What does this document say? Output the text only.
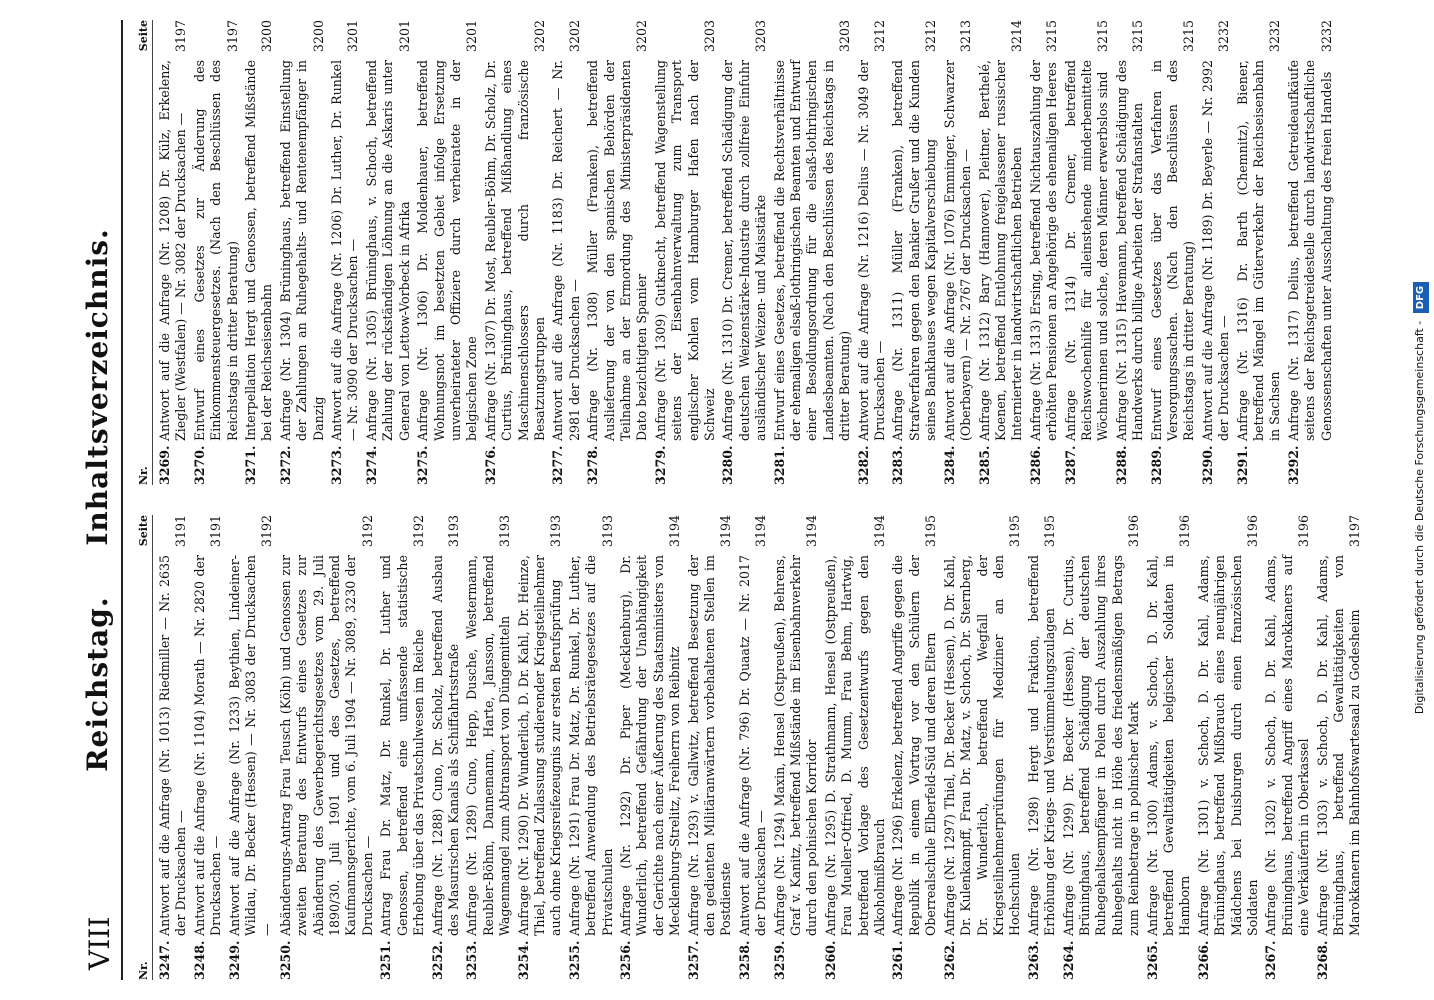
VIII
Reichstag. Inhaltsverzeichnis.
Nr.
Seite
3247.
Antwort auf die Anfrage (Nr. 1013) Riedmiller — Nr. 2635 der Drucksachen —
3191
3248.
Antwort auf die Anfrage (Nr. 1104) Morath — Nr. 2820 der Drucksachen —
3191
3249.
Antwort auf die Anfrage (Nr. 1233) Beythien, Lindeiner-Wildau, Dr. Becker (Hessen) — Nr. 3083 der Drucksachen —
3192
3250.
Abänderungs-Antrag Frau Teusch (Köln) und Genossen zur zweiten Beratung des Entwurfs eines Gesetzes zur Abänderung des Gewerbegerichtsgesetzes vom 29. Juli 1890/30. Juli 1901 und des Gesetzes, betreffend Kaufmannsgerichte, vom 6. Juli 1904 — Nr. 3089, 3230 der Drucksachen —
3192
3251.
Antrag Frau Dr. Matz, Dr. Runkel, Dr. Luther und Genossen, betreffend eine umfassende statistische Erhebung über das Privatschulwesen im Reiche
3192
3252.
Anfrage (Nr. 1288) Cuno, Dr. Scholz, betreffend Ausbau des Masurischen Kanals als Schiffahrtsstraße
3193
3253.
Anfrage (Nr. 1289) Cuno, Hepp, Dusche, Westermann, Reubler-Böhm, Dannemann, Harte, Jansson, betreffend Wagenmangel zum Abtransport von Düngemitteln
3193
3254.
Anfrage (Nr. 1290) Dr. Wunderlich, D. Dr. Kahl, Dr. Heinze, Thiel, betreffend Zulassung studierender Kriegsteilnehmer auch ohne Kriegsreifezeugnis zur ersten Berufsprüfung
3193
3255.
Anfrage (Nr. 1291) Frau Dr. Matz, Dr. Runkel, Dr. Luther, betreffend Anwendung des Betriebsrätegesetzes auf die Privatschulen
3193
3256.
Anfrage (Nr. 1292) Dr. Piper (Mecklenburg), Dr. Wunderlich, betreffend Gefährdung der Unabhängigkeit der Gerichte nach einer Äußerung des Staatsministers von Mecklenburg-Strelitz, Freiherrn von Reibnitz
3194
3257.
Anfrage (Nr. 1293) v. Gallwitz, betreffend Besetzung der den gedienten Militäranwärtern vorbehaltenen Stellen im Postdienste
3194
3258.
Antwort auf die Anfrage (Nr. 796) Dr. Quaatz — Nr. 2017 der Drucksachen —
3194
3259.
Anfrage (Nr. 1294) Maxin, Hensel (Ostpreußen), Behrens, Graf v. Kanitz, betreffend Mißstände im Eisenbahnverkehr durch den polnischen Korridor
3194
3260.
Anfrage (Nr. 1295) D. Strathmann, Hensel (Ostpreußen), Frau Mueller-Otfried, D. Mumm, Frau Behm, Hartwig, betreffend Vorlage des Gesetzentwurfs gegen den Alkoholmißbrauch
3194
3261.
Anfrage (Nr. 1296) Erkelenz, betreffend Angriffe gegen die Republik in einem Vortrag vor den Schülern der Oberrealschule Elberfeld-Süd und deren Eltern
3195
3262.
Anfrage (Nr. 1297) Thiel, Dr. Becker (Hessen), D. Dr. Kahl, Dr. Kulenkampff, Frau Dr. Matz, v. Schoch, Dr. Sternberg, Dr. Wunderlich, betreffend Wegfall der Kriegsteilnehmerprüfungen für Mediziner an den Hochschulen
3195
3263.
Anfrage (Nr. 1298) Hergt und Fraktion, betreffend Erhöhung der Kriegs- und Verstümmelungszulagen
3195
3264.
Anfrage (Nr. 1299) Dr. Becker (Hessen), Dr. Curtius, Brüninghaus, betreffend Schädigung der deutschen Ruhegehaltsempfänger in Polen durch Auszahlung ihres Ruhegehalts nicht in Höhe des friedensmäßigen Betrags zum Reinbetrage in polnischer Mark
3196
3265.
Anfrage (Nr. 1300) Adams, v. Schoch, D. Dr. Kahl, betreffend Gewalttätigkeiten belgischer Soldaten in Hamborn
3196
3266.
Anfrage (Nr. 1301) v. Schoch, D. Dr. Kahl, Adams, Brüninghaus, betreffend Mißbrauch eines neunjährigen Mädchens bei Duisburgen durch einen französischen Soldaten
3196
3267.
Anfrage (Nr. 1302) v. Schoch, D. Dr. Kahl, Adams, Brüninghaus, betreffend Angriff eines Marokkaners auf eine Verkäuferin in Oberkassel
3196
3268.
Anfrage (Nr. 1303) v. Schoch, D. Dr. Kahl, Adams, Brüninghaus, betreffend Gewalttätigkeiten von Marokkanern im Bahnhofswartesaal zu Godesheim
3197
Nr.
Seite
3269.
Antwort auf die Anfrage (Nr. 1208) Dr. Külz, Erkelenz, Ziegler (Westfalen) — Nr. 3082 der Drucksachen —
3197
3270.
Entwurf eines Gesetzes zur Änderung des Einkommensteuergesetzes. (Nach den Beschlüssen des Reichstags in dritter Beratung)
3197
3271.
Interpellation Hergt und Genossen, betreffend Mißstände bei der Reichseisenbahn
3200
3272.
Anfrage (Nr. 1304) Brüninghaus, betreffend Einstellung der Zahlungen an Ruhegehalts- und Rentenempfänger in Danzig
3200
3273.
Antwort auf die Anfrage (Nr. 1206) Dr. Luther, Dr. Runkel — Nr. 3090 der Drucksachen —
3201
3274.
Anfrage (Nr. 1305) Brüninghaus, v. Schoch, betreffend Zahlung der rückständigen Löhnung an die Askaris unter General von Lettow-Vorbeck in Afrika
3201
3275.
Anfrage (Nr. 1306) Dr. Moldenhauer, betreffend Wohnungsnot im besetzten Gebiet infolge Ersetzung unverheirateter Offiziere durch verheiratete in der belgischen Zone
3201
3276.
Anfrage (Nr. 1307) Dr. Most, Reubler-Böhm, Dr. Scholz, Dr. Curtius, Brüninghaus, betreffend Mißhandlung eines Maschinenschlossers durch französische Besatzungstruppen
3202
3277.
Antwort auf die Anfrage (Nr. 1183) Dr. Reichert — Nr. 2981 der Drucksachen —
3202
3278.
Anfrage (Nr. 1308) Müller (Franken), betreffend Auslieferung der von den spanischen Behörden der Teilnahme an der Ermordung des Ministerpräsidenten Dato bezichtigten Spanier
3202
3279.
Anfrage (Nr. 1309) Gutknecht, betreffend Wagenstellung seitens der Eisenbahnverwaltung zum Transport englischer Kohlen vom Hamburger Hafen nach der Schweiz
3203
3280.
Anfrage (Nr. 1310) Dr. Cremer, betreffend Schädigung der deutschen Weizenstärke-Industrie durch zollfreie Einfuhr ausländischer Weizen- und Maisstärke
3203
3281.
Entwurf eines Gesetzes, betreffend die Rechtsverhältnisse der ehemaligen elsaß-lothringischen Beamten und Entwurf einer Besoldungsordnung für die elsaß-lothringischen Landesbeamten. (Nach den Beschlüssen des Reichstags in dritter Beratung)
3203
3282.
Antwort auf die Anfrage (Nr. 1216) Delius — Nr. 3049 der Drucksachen —
3212
3283.
Anfrage (Nr. 1311) Müller (Franken), betreffend Strafverfahren gegen den Bankier Grußer und die Kunden seines Bankhauses wegen Kapitalverschiebung
3212
3284.
Antwort auf die Anfrage (Nr. 1076) Emminger, Schwarzer (Oberbayern) — Nr. 2767 der Drucksachen —
3213
3285.
Anfrage (Nr. 1312) Bary (Hannover), Pleitner, Berthelé, Koenen, betreffend Entlohnung freigelassener russischer Internierter in landwirtschaftlichen Betrieben
3214
3286.
Anfrage (Nr. 1313) Ersing, betreffend Nichtauszahlung der erhöhten Pensionen an Angehörige des ehemaligen Heeres
3215
3287.
Anfrage (Nr. 1314) Dr. Cremer, betreffend Reichswochenhilfe für alleinstehende minderbemittelte Wöchnerinnen und solche, deren Männer erwerbslos sind
3215
3288.
Anfrage (Nr. 1315) Havemann, betreffend Schädigung des Handwerks durch billige Arbeiten der Strafanstalten
3215
3289.
Entwurf eines Gesetzes über das Verfahren in Versorgungssachen. (Nach den Beschlüssen des Reichstags in dritter Beratung)
3215
3290.
Antwort auf die Anfrage (Nr. 1189) Dr. Beyerle — Nr. 2992 der Drucksachen —
3232
3291.
Anfrage (Nr. 1316) Dr. Barth (Chemnitz), Biener, betreffend Mängel im Güterverkehr der Reichseisenbahn in Sachsen
3232
3292.
Anfrage (Nr. 1317) Delius, betreffend Getreideaufkäufe seitens der Reichsgetreidestelle durch landwirtschaftliche Genossenschaften unter Ausschaltung des freien Handels
3232
Digitalisierung gefördert durch die Deutsche Forschungsgemeinschaft - DFG
